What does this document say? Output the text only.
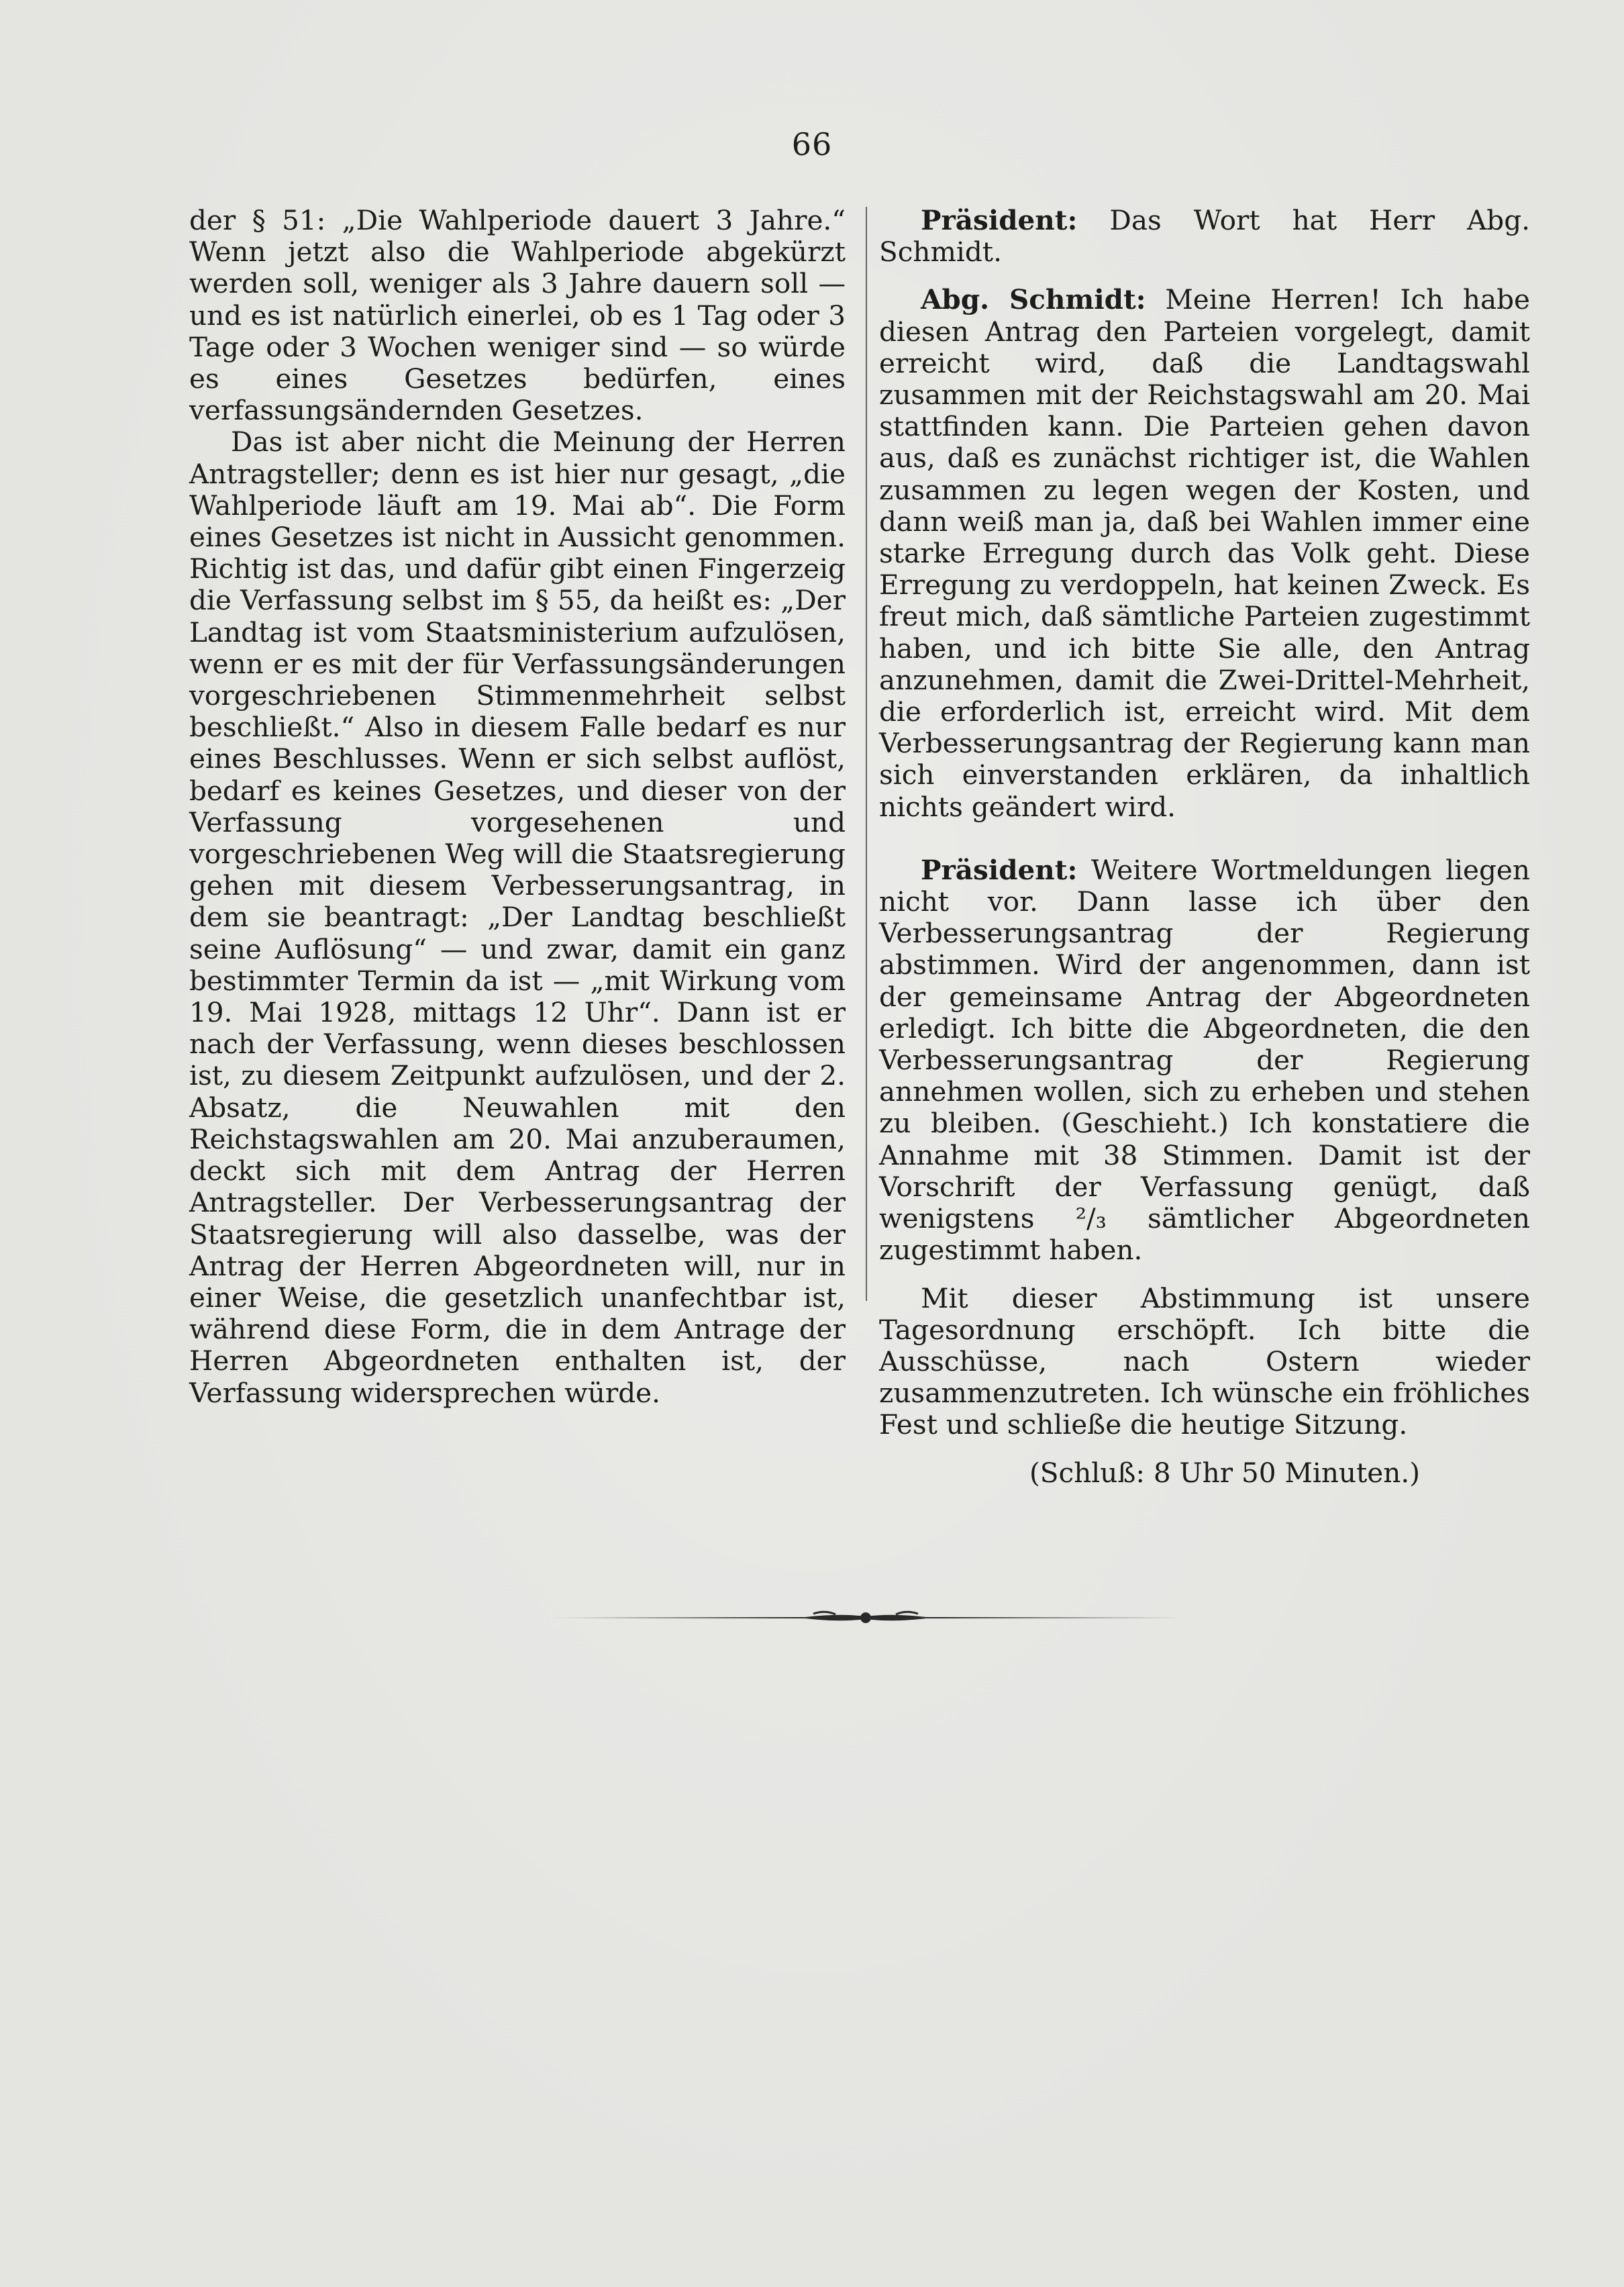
66

der § 51: „Die Wahlperiode dauert 3 Jahre.“ Wenn jetzt also die Wahlperiode abgekürzt werden soll, weniger als 3 Jahre dauern soll — und es ist natürlich einerlei, ob es 1 Tag oder 3 Tage oder 3 Wochen weniger sind — so würde es eines Gesetzes bedürfen, eines verfassungsändernden Gesetzes.

Das ist aber nicht die Meinung der Herren Antragsteller; denn es ist hier nur gesagt, „die Wahlperiode läuft am 19. Mai ab“. Die Form eines Gesetzes ist nicht in Aussicht genommen. Richtig ist das, und dafür gibt einen Fingerzeig die Verfassung selbst im § 55, da heißt es: „Der Landtag ist vom Staatsministerium aufzulösen, wenn er es mit der für Verfassungsänderungen vorgeschriebenen Stimmenmehrheit selbst beschließt.“ Also in diesem Falle bedarf es nur eines Beschlusses. Wenn er sich selbst auflöst, bedarf es keines Gesetzes, und dieser von der Verfassung vorgesehenen und vorgeschriebenen Weg will die Staatsregierung gehen mit diesem Verbesserungsantrag, in dem sie beantragt: „Der Landtag beschließt seine Auflösung“ — und zwar, damit ein ganz bestimmter Termin da ist — „mit Wirkung vom 19. Mai 1928, mittags 12 Uhr“. Dann ist er nach der Verfassung, wenn dieses beschlossen ist, zu diesem Zeitpunkt aufzulösen, und der 2. Absatz, die Neuwahlen mit den Reichstagswahlen am 20. Mai anzuberaumen, deckt sich mit dem Antrag der Herren Antragsteller. Der Verbesserungsantrag der Staatsregierung will also dasselbe, was der Antrag der Herren Abgeordneten will, nur in einer Weise, die gesetzlich unanfechtbar ist, während diese Form, die in dem Antrage der Herren Abgeordneten enthalten ist, der Verfassung widersprechen würde.

Präsident: Das Wort hat Herr Abg. Schmidt.

Abg. Schmidt: Meine Herren! Ich habe diesen Antrag den Parteien vorgelegt, damit erreicht wird, daß die Landtagswahl zusammen mit der Reichstagswahl am 20. Mai stattfinden kann. Die Parteien gehen davon aus, daß es zunächst richtiger ist, die Wahlen zusammen zu legen wegen der Kosten, und dann weiß man ja, daß bei Wahlen immer eine starke Erregung durch das Volk geht. Diese Erregung zu verdoppeln, hat keinen Zweck. Es freut mich, daß sämtliche Parteien zugestimmt haben, und ich bitte Sie alle, den Antrag anzunehmen, damit die Zwei-Drittel-Mehrheit, die erforderlich ist, erreicht wird. Mit dem Verbesserungsantrag der Regierung kann man sich einverstanden erklären, da inhaltlich nichts geändert wird.

Präsident: Weitere Wortmeldungen liegen nicht vor. Dann lasse ich über den Verbesserungsantrag der Regierung abstimmen. Wird der angenommen, dann ist der gemeinsame Antrag der Abgeordneten erledigt. Ich bitte die Abgeordneten, die den Verbesserungsantrag der Regierung annehmen wollen, sich zu erheben und stehen zu bleiben. (Geschieht.) Ich konstatiere die Annahme mit 38 Stimmen. Damit ist der Vorschrift der Verfassung genügt, daß wenigstens ²/₃ sämtlicher Abgeordneten zugestimmt haben.

Mit dieser Abstimmung ist unsere Tagesordnung erschöpft. Ich bitte die Ausschüsse, nach Ostern wieder zusammenzutreten. Ich wünsche ein fröhliches Fest und schließe die heutige Sitzung.

(Schluß: 8 Uhr 50 Minuten.)
